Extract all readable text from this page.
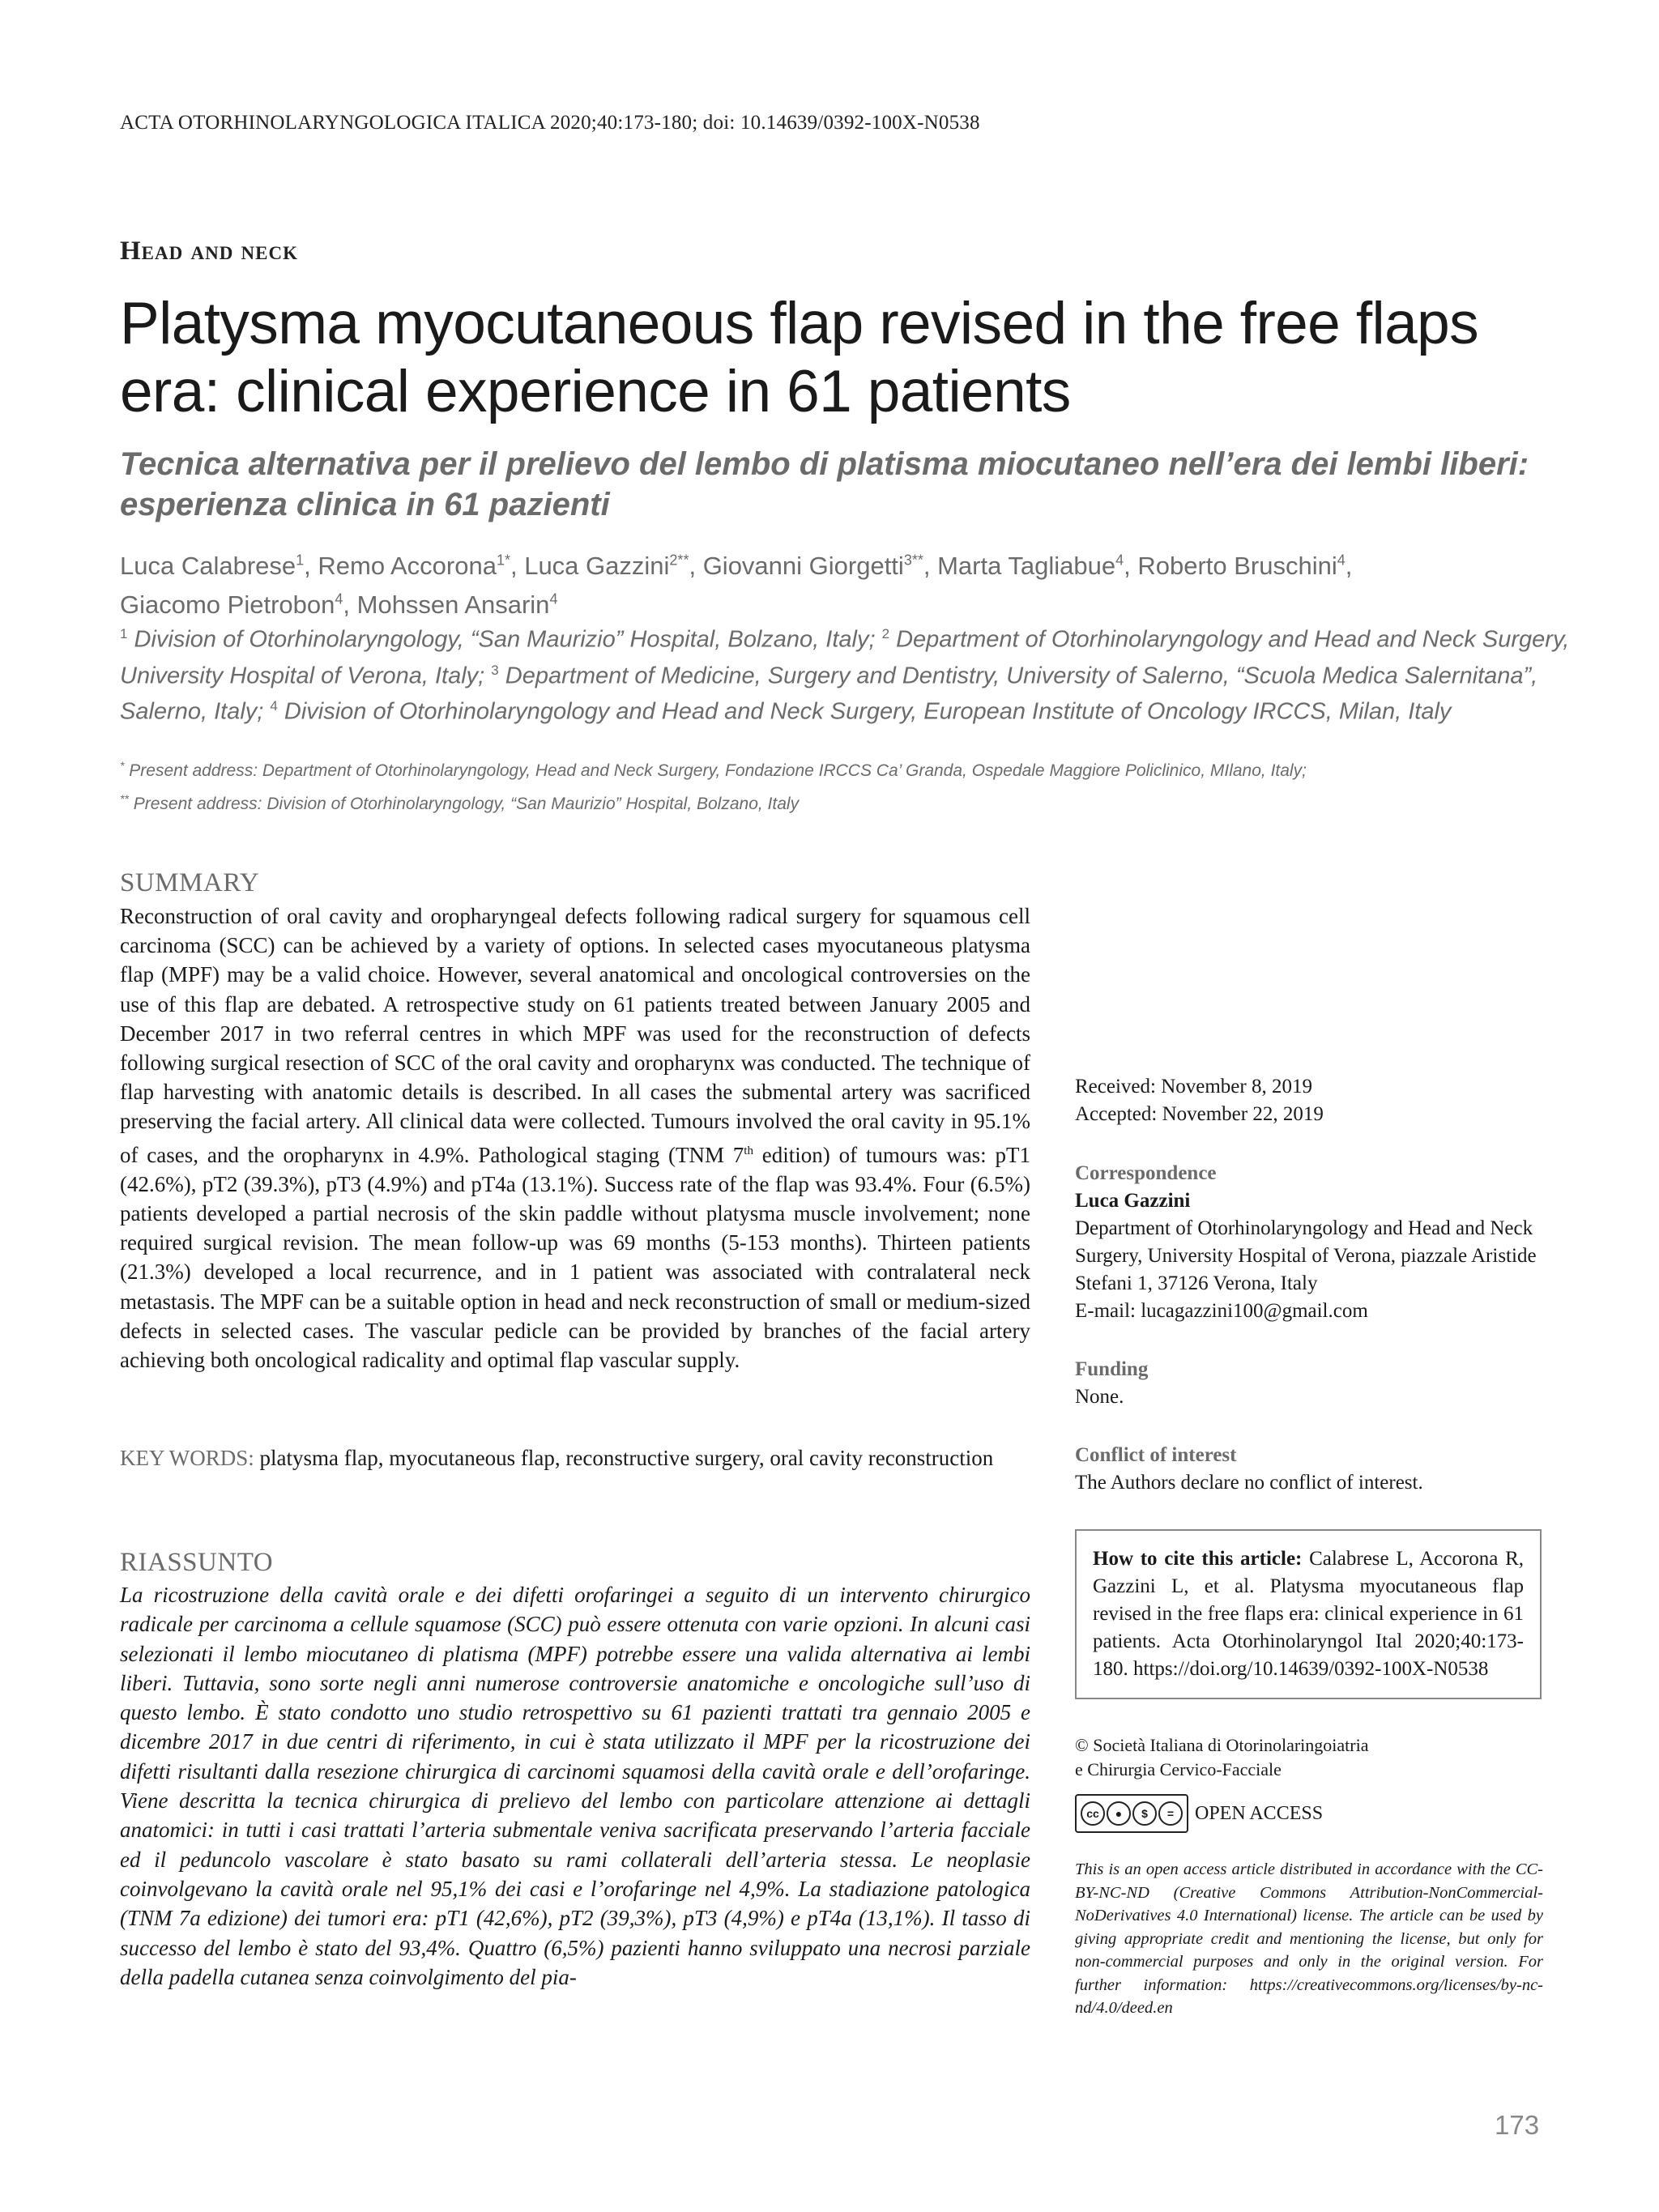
ACTA OTORHINOLARYNGOLOGICA ITALICA 2020;40:173-180; doi: 10.14639/0392-100X-N0538
Head and neck
Platysma myocutaneous flap revised in the free flaps era: clinical experience in 61 patients
Tecnica alternativa per il prelievo del lembo di platisma miocutaneo nell’era dei lembi liberi: esperienza clinica in 61 pazienti
Luca Calabrese$^1$, Remo Accorona$^{1*}$, Luca Gazzini$^{2**}$, Giovanni Giorgetti$^{3**}$, Marta Tagliabue$^4$, Roberto Bruschini$^4$,
Giacomo Pietrobon$^4$, Mohssen Ansarin$^4$
$^1$ Division of Otorhinolaryngology, “San Maurizio” Hospital, Bolzano, Italy; $^2$ Department of Otorhinolaryngology and Head and Neck Surgery, University Hospital of Verona, Italy; $^3$ Department of Medicine, Surgery and Dentistry, University of Salerno, “Scuola Medica Salernitana”, Salerno, Italy; $^4$ Division of Otorhinolaryngology and Head and Neck Surgery, European Institute of Oncology IRCCS, Milan, Italy
* Present address: Department of Otorhinolaryngology, Head and Neck Surgery, Fondazione IRCCS Ca’ Granda, Ospedale Maggiore Policlinico, MIlano, Italy;
** Present address: Division of Otorhinolaryngology, “San Maurizio” Hospital, Bolzano, Italy
SUMMARY
Reconstruction of oral cavity and oropharyngeal defects following radical surgery for squamous cell carcinoma (SCC) can be achieved by a variety of options. In selected cases myocutaneous platysma flap (MPF) may be a valid choice. However, several anatomical and oncological controversies on the use of this flap are debated. A retrospective study on 61 patients treated between January 2005 and December 2017 in two referral centres in which MPF was used for the reconstruction of defects following surgical resection of SCC of the oral cavity and oropharynx was conducted. The technique of flap harvesting with anatomic details is described. In all cases the submental artery was sacrificed preserving the facial artery. All clinical data were collected. Tumours involved the oral cavity in 95.1% of cases, and the oropharynx in 4.9%. Pathological staging (TNM 7th edition) of tumours was: pT1 (42.6%), pT2 (39.3%), pT3 (4.9%) and pT4a (13.1%). Success rate of the flap was 93.4%. Four (6.5%) patients developed a partial necrosis of the skin paddle without platysma muscle involvement; none required surgical revision. The mean follow-up was 69 months (5-153 months). Thirteen patients (21.3%) developed a local recurrence, and in 1 patient was associated with contralateral neck metastasis. The MPF can be a suitable option in head and neck reconstruction of small or medium-sized defects in selected cases. The vascular pedicle can be provided by branches of the facial artery achieving both oncological radicality and optimal flap vascular supply.
KEY WORDS: platysma flap, myocutaneous flap, reconstructive surgery, oral cavity reconstruction
RIASSUNTO
La ricostruzione della cavità orale e dei difetti orofaringei a seguito di un intervento chirurgico radicale per carcinoma a cellule squamose (SCC) può essere ottenuta con varie opzioni. In alcuni casi selezionati il lembo miocutaneo di platisma (MPF) potrebbe essere una valida alternativa ai lembi liberi. Tuttavia, sono sorte negli anni numerose controversie anatomiche e oncologiche sull’uso di questo lembo. È stato condotto uno studio retrospettivo su 61 pazienti trattati tra gennaio 2005 e dicembre 2017 in due centri di riferimento, in cui è stata utilizzato il MPF per la ricostruzione dei difetti risultanti dalla resezione chirurgica di carcinomi squamosi della cavità orale e dell’orofaringe. Viene descritta la tecnica chirurgica di prelievo del lembo con particolare attenzione ai dettagli anatomici: in tutti i casi trattati l’arteria submentale veniva sacrificata preservando l’arteria facciale ed il peduncolo vascolare è stato basato su rami collaterali dell’arteria stessa. Le neoplasie coinvolgevano la cavità orale nel 95,1% dei casi e l’orofaringe nel 4,9%. La stadiazione patologica (TNM 7a edizione) dei tumori era: pT1 (42,6%), pT2 (39,3%), pT3 (4,9%) e pT4a (13,1%). Il tasso di successo del lembo è stato del 93,4%. Quattro (6,5%) pazienti hanno sviluppato una necrosi parziale della padella cutanea senza coinvolgimento del pia-
Received: November 8, 2019
Accepted: November 22, 2019
Correspondence
Luca Gazzini
Department of Otorhinolaryngology and Head and Neck Surgery, University Hospital of Verona, piazzale Aristide Stefani 1, 37126 Verona, Italy
E-mail: lucagazzini100@gmail.com
Funding
None.
Conflict of interest
The Authors declare no conflict of interest.
How to cite this article: Calabrese L, Accorona R, Gazzini L, et al. Platysma myocutaneous flap revised in the free flaps era: clinical experience in 61 patients. Acta Otorhinolaryngol Ital 2020;40:173-180. https://doi.org/10.14639/0392-100X-N0538
© Società Italiana di Otorinolaringoiatria
e Chirurgia Cervico-Facciale
cc	●	$	=	OPEN ACCESS
This is an open access article distributed in accordance with the CC-BY-NC-ND (Creative Commons Attribution-NonCommercial-NoDerivatives 4.0 International) license. The article can be used by giving appropriate credit and mentioning the license, but only for non-commercial purposes and only in the original version. For further information: https://creativecommons.org/licenses/by-nc-nd/4.0/deed.en
173
